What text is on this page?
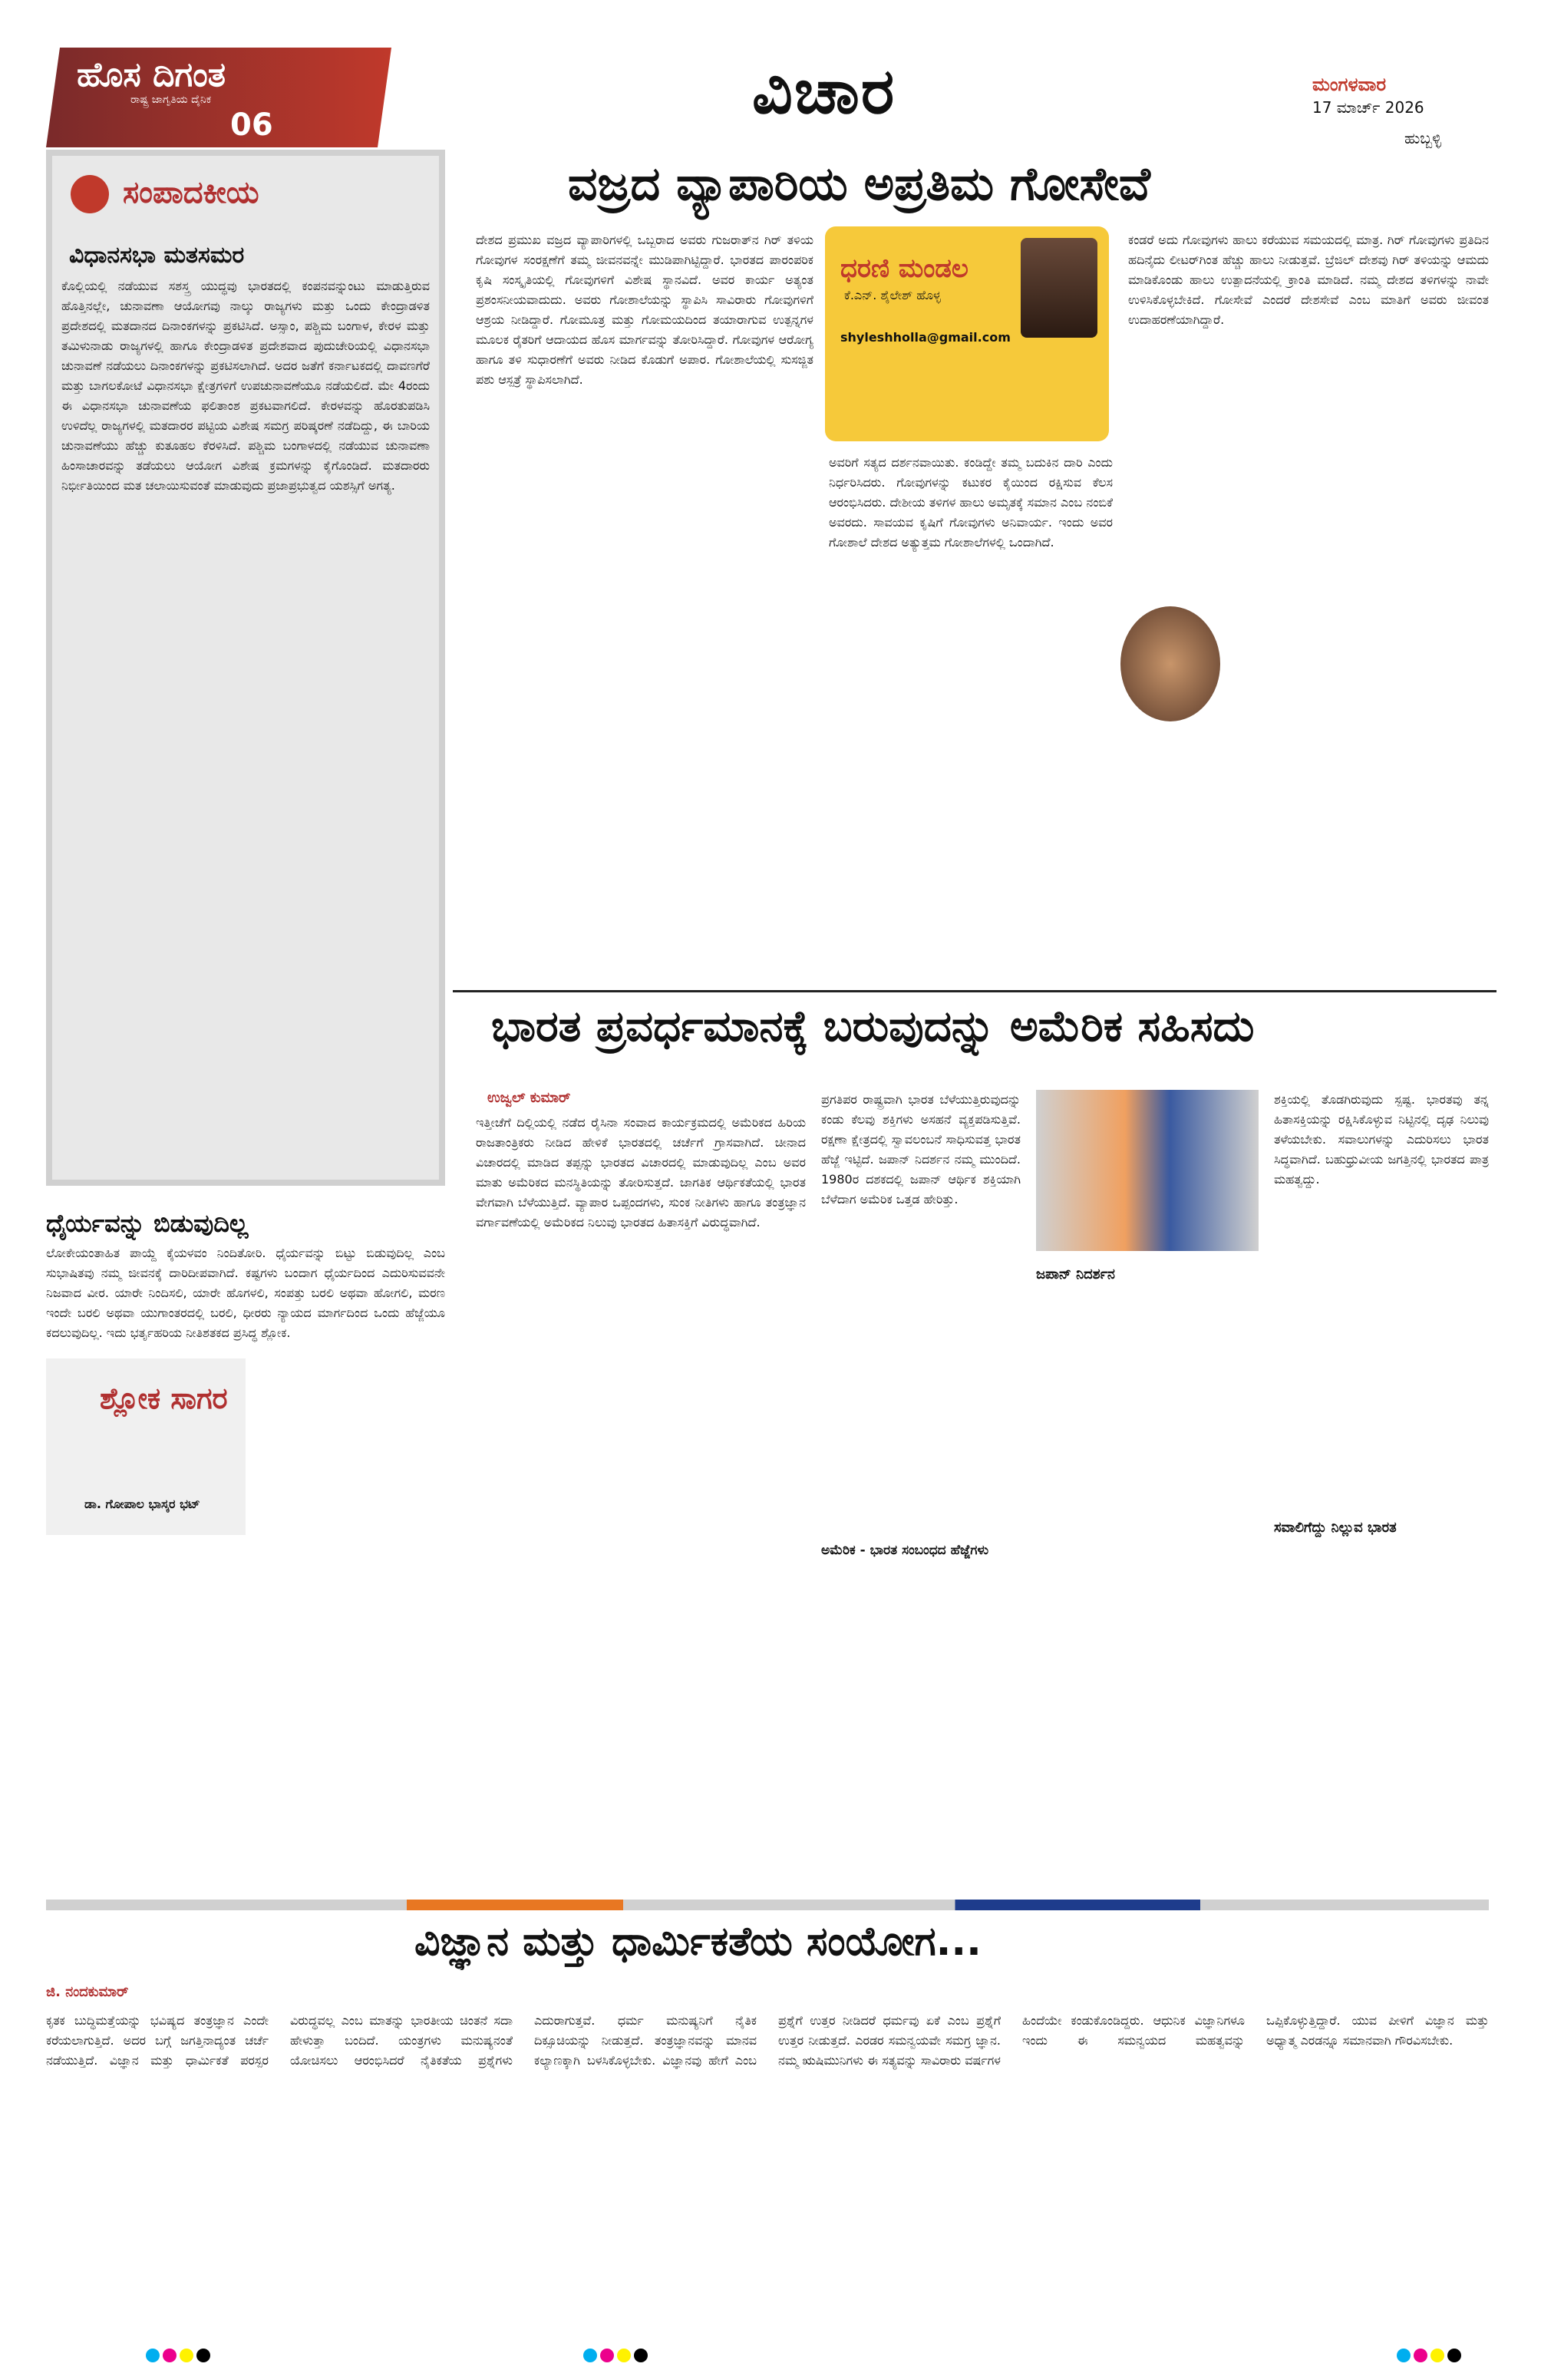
ಹೊಸ ದಿಗಂತ
ರಾಷ್ಟ್ರ ಜಾಗೃತಿಯ ದೈನಿಕ
06	ವಿಚಾರ	ಮಂಗಳವಾರ
17 ಮಾರ್ಚ್ 2026
ಹುಬ್ಬಳ್ಳಿ
ಸಂಪಾದಕೀಯ
ವಿಧಾನಸಭಾ ಮತಸಮರ
ಕೊಲ್ಲಿಯಲ್ಲಿ ನಡೆಯುವ ಸಶಸ್ತ್ರ ಯುದ್ಧವು ಭಾರತದಲ್ಲಿ ಕಂಪನವನ್ನುಂಟು ಮಾಡುತ್ತಿರುವ ಹೊತ್ತಿನಲ್ಲೇ, ಚುನಾವಣಾ ಆಯೋಗವು ನಾಲ್ಕು ರಾಜ್ಯಗಳು ಮತ್ತು ಒಂದು ಕೇಂದ್ರಾಡಳಿತ ಪ್ರದೇಶದಲ್ಲಿ ಮತದಾನದ ದಿನಾಂಕಗಳನ್ನು ಪ್ರಕಟಿಸಿದೆ. ಅಸ್ಸಾಂ, ಪಶ್ಚಿಮ ಬಂಗಾಳ, ಕೇರಳ ಮತ್ತು ತಮಿಳುನಾಡು ರಾಜ್ಯಗಳಲ್ಲಿ ಹಾಗೂ ಕೇಂದ್ರಾಡಳಿತ ಪ್ರದೇಶವಾದ ಪುದುಚೇರಿಯಲ್ಲಿ ವಿಧಾನಸಭಾ ಚುನಾವಣೆ ನಡೆಯಲು ದಿನಾಂಕಗಳನ್ನು ಪ್ರಕಟಿಸಲಾಗಿದೆ. ಅದರ ಜತೆಗೆ ಕರ್ನಾಟಕದಲ್ಲಿ ದಾವಣಗೆರೆ ಮತ್ತು ಬಾಗಲಕೋಟೆ ವಿಧಾನಸಭಾ ಕ್ಷೇತ್ರಗಳಿಗೆ ಉಪಚುನಾವಣೆಯೂ ನಡೆಯಲಿದೆ. ಮೇ 4ರಂದು ಈ ವಿಧಾನಸಭಾ ಚುನಾವಣೆಯ ಫಲಿತಾಂಶ ಪ್ರಕಟವಾಗಲಿದೆ. ಕೇರಳವನ್ನು ಹೊರತುಪಡಿಸಿ ಉಳಿದೆಲ್ಲ ರಾಜ್ಯಗಳಲ್ಲಿ ಮತದಾರರ ಪಟ್ಟಿಯ ವಿಶೇಷ ಸಮಗ್ರ ಪರಿಷ್ಕರಣೆ ನಡೆದಿದ್ದು, ಈ ಬಾರಿಯ ಚುನಾವಣೆಯು ಹೆಚ್ಚು ಕುತೂಹಲ ಕೆರಳಿಸಿದೆ. ಪಶ್ಚಿಮ ಬಂಗಾಳದಲ್ಲಿ ನಡೆಯುವ ಚುನಾವಣಾ ಹಿಂಸಾಚಾರವನ್ನು ತಡೆಯಲು ಆಯೋಗ ವಿಶೇಷ ಕ್ರಮಗಳನ್ನು ಕೈಗೊಂಡಿದೆ. ಮತದಾರರು ನಿರ್ಭೀತಿಯಿಂದ ಮತ ಚಲಾಯಿಸುವಂತೆ ಮಾಡುವುದು ಪ್ರಜಾಪ್ರಭುತ್ವದ ಯಶಸ್ಸಿಗೆ ಅಗತ್ಯ.
ವಜ್ರದ ವ್ಯಾಪಾರಿಯ ಅಪ್ರತಿಮ ಗೋಸೇವೆ
ದೇಶದ ಪ್ರಮುಖ ವಜ್ರದ ವ್ಯಾಪಾರಿಗಳಲ್ಲಿ ಒಬ್ಬರಾದ ಅವರು ಗುಜರಾತ್‌ನ ಗಿರ್ ತಳಿಯ ಗೋವುಗಳ ಸಂರಕ್ಷಣೆಗೆ ತಮ್ಮ ಜೀವನವನ್ನೇ ಮುಡಿಪಾಗಿಟ್ಟಿದ್ದಾರೆ. ಭಾರತದ ಪಾರಂಪರಿಕ ಕೃಷಿ ಸಂಸ್ಕೃತಿಯಲ್ಲಿ ಗೋವುಗಳಿಗೆ ವಿಶೇಷ ಸ್ಥಾನವಿದೆ. ಅವರ ಕಾರ್ಯ ಅತ್ಯಂತ ಪ್ರಶಂಸನೀಯವಾದುದು. ಅವರು ಗೋಶಾಲೆಯನ್ನು ಸ್ಥಾಪಿಸಿ ಸಾವಿರಾರು ಗೋವುಗಳಿಗೆ ಆಶ್ರಯ ನೀಡಿದ್ದಾರೆ. ಗೋಮೂತ್ರ ಮತ್ತು ಗೋಮಯದಿಂದ ತಯಾರಾಗುವ ಉತ್ಪನ್ನಗಳ ಮೂಲಕ ರೈತರಿಗೆ ಆದಾಯದ ಹೊಸ ಮಾರ್ಗವನ್ನು ತೋರಿಸಿದ್ದಾರೆ. ಗೋವುಗಳ ಆರೋಗ್ಯ ಹಾಗೂ ತಳಿ ಸುಧಾರಣೆಗೆ ಅವರು ನೀಡಿದ ಕೊಡುಗೆ ಅಪಾರ. ಗೋಶಾಲೆಯಲ್ಲಿ ಸುಸಜ್ಜಿತ ಪಶು ಆಸ್ಪತ್ರೆ ಸ್ಥಾಪಿಸಲಾಗಿದೆ.
ಧರಣಿ ಮಂಡಲ
ಕೆ.ಎನ್. ಶೈಲೇಶ್ ಹೊಳ್ಳ
shyleshholla@gmail.com
ಅವರಿಗೆ ಸತ್ಯದ ದರ್ಶನವಾಯಿತು. ಕಂಡಿದ್ದೇ ತಮ್ಮ ಬದುಕಿನ ದಾರಿ ಎಂದು ನಿರ್ಧರಿಸಿದರು. ಗೋವುಗಳನ್ನು ಕಟುಕರ ಕೈಯಿಂದ ರಕ್ಷಿಸುವ ಕೆಲಸ ಆರಂಭಿಸಿದರು. ದೇಶೀಯ ತಳಿಗಳ ಹಾಲು ಅಮೃತಕ್ಕೆ ಸಮಾನ ಎಂಬ ನಂಬಿಕೆ ಅವರದು. ಸಾವಯವ ಕೃಷಿಗೆ ಗೋವುಗಳು ಅನಿವಾರ್ಯ. ಇಂದು ಅವರ ಗೋಶಾಲೆ ದೇಶದ ಅತ್ಯುತ್ತಮ ಗೋಶಾಲೆಗಳಲ್ಲಿ ಒಂದಾಗಿದೆ.
ಕಂಡರೆ ಅದು ಗೋವುಗಳು ಹಾಲು ಕರೆಯುವ ಸಮಯದಲ್ಲಿ ಮಾತ್ರ. ಗಿರ್ ಗೋವುಗಳು ಪ್ರತಿದಿನ ಹದಿನೈದು ಲೀಟರ್‌ಗಿಂತ ಹೆಚ್ಚು ಹಾಲು ನೀಡುತ್ತವೆ. ಬ್ರೆಜಿಲ್ ದೇಶವು ಗಿರ್ ತಳಿಯನ್ನು ಆಮದು ಮಾಡಿಕೊಂಡು ಹಾಲು ಉತ್ಪಾದನೆಯಲ್ಲಿ ಕ್ರಾಂತಿ ಮಾಡಿದೆ. ನಮ್ಮ ದೇಶದ ತಳಿಗಳನ್ನು ನಾವೇ ಉಳಿಸಿಕೊಳ್ಳಬೇಕಿದೆ. ಗೋಸೇವೆ ಎಂದರೆ ದೇಶಸೇವೆ ಎಂಬ ಮಾತಿಗೆ ಅವರು ಜೀವಂತ ಉದಾಹರಣೆಯಾಗಿದ್ದಾರೆ.
ಭಾರತ ಪ್ರವರ್ಧಮಾನಕ್ಕೆ ಬರುವುದನ್ನು ಅಮೆರಿಕ ಸಹಿಸದು
ಉಜ್ವಲ್ ಕುಮಾರ್
ಇತ್ತೀಚೆಗೆ ದಿಲ್ಲಿಯಲ್ಲಿ ನಡೆದ ರೈಸಿನಾ ಸಂವಾದ ಕಾರ್ಯಕ್ರಮದಲ್ಲಿ ಅಮೆರಿಕದ ಹಿರಿಯ ರಾಜತಾಂತ್ರಿಕರು ನೀಡಿದ ಹೇಳಿಕೆ ಭಾರತದಲ್ಲಿ ಚರ್ಚೆಗೆ ಗ್ರಾಸವಾಗಿದೆ. ಚೀನಾದ ವಿಚಾರದಲ್ಲಿ ಮಾಡಿದ ತಪ್ಪನ್ನು ಭಾರತದ ವಿಚಾರದಲ್ಲಿ ಮಾಡುವುದಿಲ್ಲ ಎಂಬ ಅವರ ಮಾತು ಅಮೆರಿಕದ ಮನಸ್ಥಿತಿಯನ್ನು ತೋರಿಸುತ್ತದೆ. ಜಾಗತಿಕ ಆರ್ಥಿಕತೆಯಲ್ಲಿ ಭಾರತ ವೇಗವಾಗಿ ಬೆಳೆಯುತ್ತಿದೆ. ವ್ಯಾಪಾರ ಒಪ್ಪಂದಗಳು, ಸುಂಕ ನೀತಿಗಳು ಹಾಗೂ ತಂತ್ರಜ್ಞಾನ ವರ್ಗಾವಣೆಯಲ್ಲಿ ಅಮೆರಿಕದ ನಿಲುವು ಭಾರತದ ಹಿತಾಸಕ್ತಿಗೆ ವಿರುದ್ಧವಾಗಿದೆ.
ಪ್ರಗತಿಪರ ರಾಷ್ಟ್ರವಾಗಿ ಭಾರತ ಬೆಳೆಯುತ್ತಿರುವುದನ್ನು ಕಂಡು ಕೆಲವು ಶಕ್ತಿಗಳು ಅಸಹನೆ ವ್ಯಕ್ತಪಡಿಸುತ್ತಿವೆ. ರಕ್ಷಣಾ ಕ್ಷೇತ್ರದಲ್ಲಿ ಸ್ವಾವಲಂಬನೆ ಸಾಧಿಸುವತ್ತ ಭಾರತ ಹೆಜ್ಜೆ ಇಟ್ಟಿದೆ. ಜಪಾನ್ ನಿದರ್ಶನ ನಮ್ಮ ಮುಂದಿದೆ. 1980ರ ದಶಕದಲ್ಲಿ ಜಪಾನ್ ಆರ್ಥಿಕ ಶಕ್ತಿಯಾಗಿ ಬೆಳೆದಾಗ ಅಮೆರಿಕ ಒತ್ತಡ ಹೇರಿತ್ತು.
ಶಕ್ತಿಯಲ್ಲಿ ತೊಡಗಿರುವುದು ಸ್ಪಷ್ಟ. ಭಾರತವು ತನ್ನ ಹಿತಾಸಕ್ತಿಯನ್ನು ರಕ್ಷಿಸಿಕೊಳ್ಳುವ ನಿಟ್ಟಿನಲ್ಲಿ ದೃಢ ನಿಲುವು ತಳೆಯಬೇಕು. ಸವಾಲುಗಳನ್ನು ಎದುರಿಸಲು ಭಾರತ ಸಿದ್ಧವಾಗಿದೆ. ಬಹುಧ್ರುವೀಯ ಜಗತ್ತಿನಲ್ಲಿ ಭಾರತದ ಪಾತ್ರ ಮಹತ್ವದ್ದು.
ಜಪಾನ್ ನಿದರ್ಶನ
ಅಮೆರಿಕ - ಭಾರತ ಸಂಬಂಧದ ಹೆಜ್ಜೆಗಳು
ಸವಾಲಿಗೆದ್ದು ನಿಲ್ಲುವ ಭಾರತ
ಧೈರ್ಯವನ್ನು ಬಿಡುವುದಿಲ್ಲ
ಲೋಕೇಯಂತಾಹಿತ ಪಾಯ್ದೆ ಕೈಯಳವಂ ನಿಂದಿತೋರಿ. ಧೈರ್ಯವನ್ನು ಬಿಟ್ಟು ಬಿಡುವುದಿಲ್ಲ ಎಂಬ ಸುಭಾಷಿತವು ನಮ್ಮ ಜೀವನಕ್ಕೆ ದಾರಿದೀಪವಾಗಿದೆ. ಕಷ್ಟಗಳು ಬಂದಾಗ ಧೈರ್ಯದಿಂದ ಎದುರಿಸುವವನೇ ನಿಜವಾದ ವೀರ. ಯಾರೇ ನಿಂದಿಸಲಿ, ಯಾರೇ ಹೊಗಳಲಿ, ಸಂಪತ್ತು ಬರಲಿ ಅಥವಾ ಹೋಗಲಿ, ಮರಣ ಇಂದೇ ಬರಲಿ ಅಥವಾ ಯುಗಾಂತರದಲ್ಲಿ ಬರಲಿ, ಧೀರರು ನ್ಯಾಯದ ಮಾರ್ಗದಿಂದ ಒಂದು ಹೆಜ್ಜೆಯೂ ಕದಲುವುದಿಲ್ಲ. ಇದು ಭರ್ತೃಹರಿಯ ನೀತಿಶತಕದ ಪ್ರಸಿದ್ಧ ಶ್ಲೋಕ.
ಶ್ಲೋಕ ಸಾಗರ
ಡಾ. ಗೋಪಾಲ ಭಾಸ್ಕರ ಭಟ್
ವಿಜ್ಞಾನ ಮತ್ತು ಧಾರ್ಮಿಕತೆಯ ಸಂಯೋಗ...
ಜಿ. ನಂದಕುಮಾರ್
ಕೃತಕ ಬುದ್ಧಿಮತ್ತೆಯನ್ನು ಭವಿಷ್ಯದ ತಂತ್ರಜ್ಞಾನ ಎಂದೇ ಕರೆಯಲಾಗುತ್ತಿದೆ. ಅದರ ಬಗ್ಗೆ ಜಗತ್ತಿನಾದ್ಯಂತ ಚರ್ಚೆ ನಡೆಯುತ್ತಿದೆ. ವಿಜ್ಞಾನ ಮತ್ತು ಧಾರ್ಮಿಕತೆ ಪರಸ್ಪರ ವಿರುದ್ಧವಲ್ಲ ಎಂಬ ಮಾತನ್ನು ಭಾರತೀಯ ಚಿಂತನೆ ಸದಾ ಹೇಳುತ್ತಾ ಬಂದಿದೆ. ಯಂತ್ರಗಳು ಮನುಷ್ಯನಂತೆ ಯೋಚಿಸಲು ಆರಂಭಿಸಿದರೆ ನೈತಿಕತೆಯ ಪ್ರಶ್ನೆಗಳು ಎದುರಾಗುತ್ತವೆ. ಧರ್ಮ ಮನುಷ್ಯನಿಗೆ ನೈತಿಕ ದಿಕ್ಸೂಚಿಯನ್ನು ನೀಡುತ್ತದೆ. ತಂತ್ರಜ್ಞಾನವನ್ನು ಮಾನವ ಕಲ್ಯಾಣಕ್ಕಾಗಿ ಬಳಸಿಕೊಳ್ಳಬೇಕು. ವಿಜ್ಞಾನವು ಹೇಗೆ ಎಂಬ ಪ್ರಶ್ನೆಗೆ ಉತ್ತರ ನೀಡಿದರೆ ಧರ್ಮವು ಏಕೆ ಎಂಬ ಪ್ರಶ್ನೆಗೆ ಉತ್ತರ ನೀಡುತ್ತದೆ. ಎರಡರ ಸಮನ್ವಯವೇ ಸಮಗ್ರ ಜ್ಞಾನ. ನಮ್ಮ ಋಷಿಮುನಿಗಳು ಈ ಸತ್ಯವನ್ನು ಸಾವಿರಾರು ವರ್ಷಗಳ ಹಿಂದೆಯೇ ಕಂಡುಕೊಂಡಿದ್ದರು. ಆಧುನಿಕ ವಿಜ್ಞಾನಿಗಳೂ ಇಂದು ಈ ಸಮನ್ವಯದ ಮಹತ್ವವನ್ನು ಒಪ್ಪಿಕೊಳ್ಳುತ್ತಿದ್ದಾರೆ. ಯುವ ಪೀಳಿಗೆ ವಿಜ್ಞಾನ ಮತ್ತು ಅಧ್ಯಾತ್ಮ ಎರಡನ್ನೂ ಸಮಾನವಾಗಿ ಗೌರವಿಸಬೇಕು.
